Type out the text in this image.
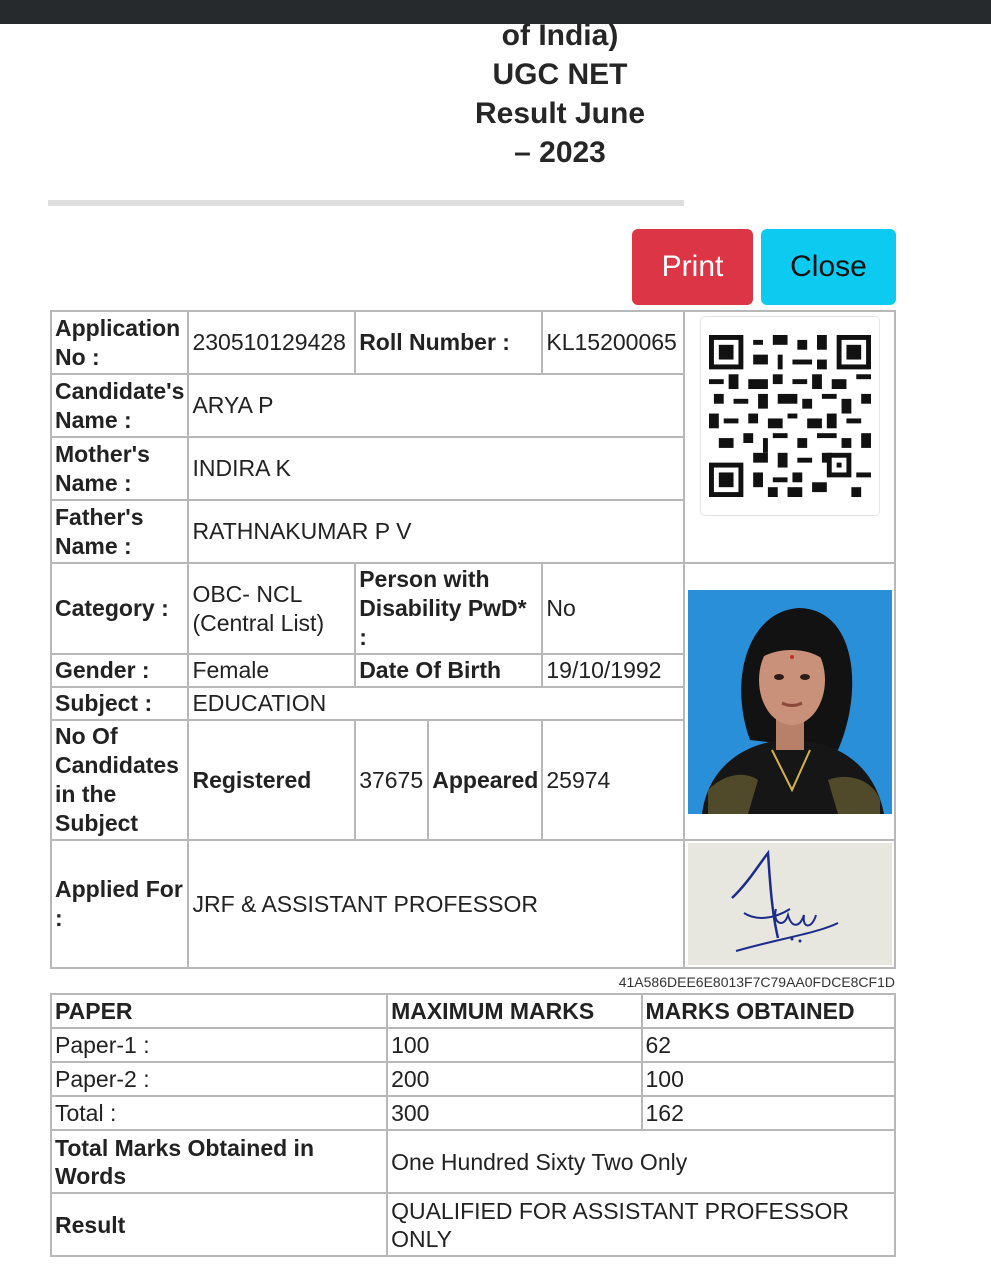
of India)
UGC NET
Result June
– 2023
Print	Close
Application No :	230510129428	Roll Number :		KL15200065	

Candidate's Name :	ARYA P				
Mother's Name :	INDIRA K				
Father's Name :	RATHNAKUMAR P V				
Category :	OBC- NCL (Central List)	Person with Disability PwD* :		No	

Gender :	Female	Date Of Birth		19/10/1992	
Subject :	EDUCATION				
No Of Candidates in the Subject	Registered	37675	Appeared	25974	
Applied For :	JRF & ASSISTANT PROFESSOR	
41A586DEE6E8013F7C79AA0FDCE8CF1D
PAPER	MAXIMUM MARKS	MARKS OBTAINED
Paper-1 :	100	62
Paper-2 :	200	100
Total :	300	162
Total Marks Obtained in Words	One Hundred Sixty Two Only	
Result	QUALIFIED FOR ASSISTANT PROFESSOR ONLY	
